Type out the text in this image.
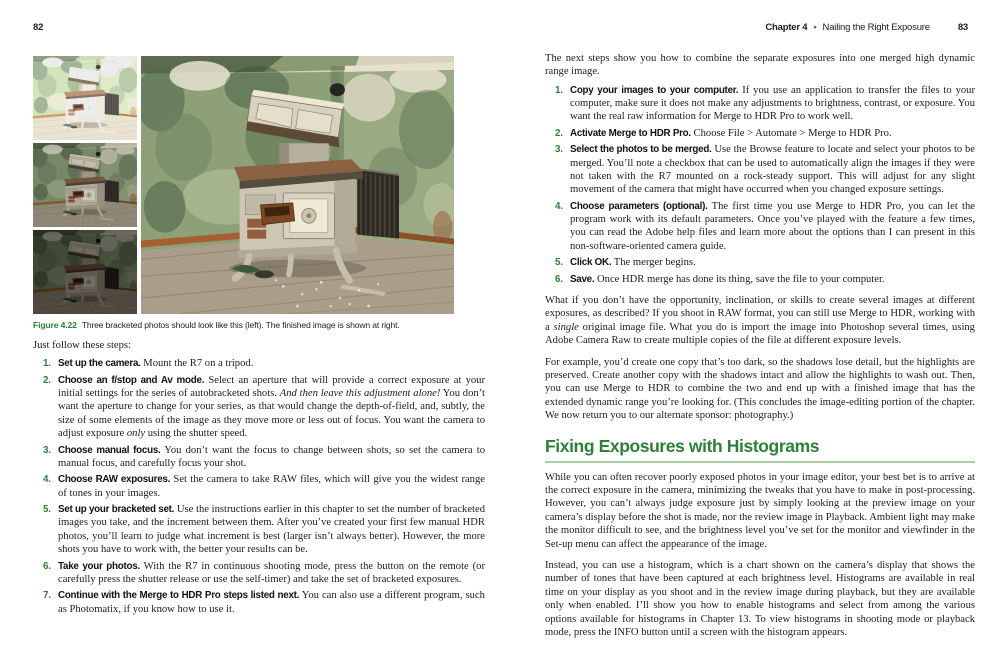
82	Chapter 4 • Nailing the Right Exposure	83
Figure 4.22 Three bracketed photos should look like this (left). The finished image is shown at right.

Just follow these steps:

1. Set up the camera. Mount the R7 on a tripod.
2. Choose an f/stop and Av mode. Select an aperture that will provide a correct exposure at your initial settings for the series of autobracketed shots. And then leave this adjustment alone! You don’t want the aperture to change for your series, as that would change the depth-of-field, and, subtly, the size of some elements of the image as they move more or less out of focus. You want the camera to adjust exposure only using the shutter speed.
3. Choose manual focus. You don’t want the focus to change between shots, so set the camera to manual focus, and carefully focus your shot.
4. Choose RAW exposures. Set the camera to take RAW files, which will give you the widest range of tones in your images.
5. Set up your bracketed set. Use the instructions earlier in this chapter to set the number of bracketed images you take, and the increment between them. After you’ve created your first few manual HDR photos, you’ll learn to judge what increment is best (larger isn’t always better). However, the more shots you have to work with, the better your results can be.
6. Take your photos. With the R7 in continuous shooting mode, press the button on the remote (or carefully press the shutter release or use the self-timer) and take the set of bracketed exposures.
7. Continue with the Merge to HDR Pro steps listed next. You can also use a different program, such as Photomatix, if you know how to use it.

The next steps show you how to combine the separate exposures into one merged high dynamic range image.

1. Copy your images to your computer. If you use an application to transfer the files to your computer, make sure it does not make any adjustments to brightness, contrast, or exposure. You want the real raw information for Merge to HDR Pro to work well.
2. Activate Merge to HDR Pro. Choose File > Automate > Merge to HDR Pro.
3. Select the photos to be merged. Use the Browse feature to locate and select your photos to be merged. You’ll note a checkbox that can be used to automatically align the images if they were not taken with the R7 mounted on a rock-steady support. This will adjust for any slight movement of the camera that might have occurred when you changed exposure settings.
4. Choose parameters (optional). The first time you use Merge to HDR Pro, you can let the program work with its default parameters. Once you’ve played with the feature a few times, you can read the Adobe help files and learn more about the options than I can present in this non-software-oriented camera guide.
5. Click OK. The merger begins.
6. Save. Once HDR merge has done its thing, save the file to your computer.

What if you don’t have the opportunity, inclination, or skills to create several images at different exposures, as described? If you shoot in RAW format, you can still use Merge to HDR, working with a single original image file. What you do is import the image into Photoshop several times, using Adobe Camera Raw to create multiple copies of the file at different exposure levels.

For example, you’d create one copy that’s too dark, so the shadows lose detail, but the highlights are preserved. Create another copy with the shadows intact and allow the highlights to wash out. Then, you can use Merge to HDR to combine the two and end up with a finished image that has the extended dynamic range you’re looking for. (This concludes the image-editing portion of the chapter. We now return you to our alternate sponsor: photography.)

Fixing Exposures with Histograms

While you can often recover poorly exposed photos in your image editor, your best bet is to arrive at the correct exposure in the camera, minimizing the tweaks that you have to make in post-processing. However, you can’t always judge exposure just by simply looking at the preview image on your camera’s display before the shot is made, nor the review image in Playback. Ambient light may make the monitor difficult to see, and the brightness level you’ve set for the monitor and viewfinder in the Set-up menu can affect the appearance of the image.

Instead, you can use a histogram, which is a chart shown on the camera’s display that shows the number of tones that have been captured at each brightness level. Histograms are available in real time on your display as you shoot and in the review image during playback, but they are available only when enabled. I’ll show you how to enable histograms and select from among the various options available for histograms in Chapter 13. To view histograms in shooting mode or playback mode, press the INFO button until a screen with the histogram appears.
